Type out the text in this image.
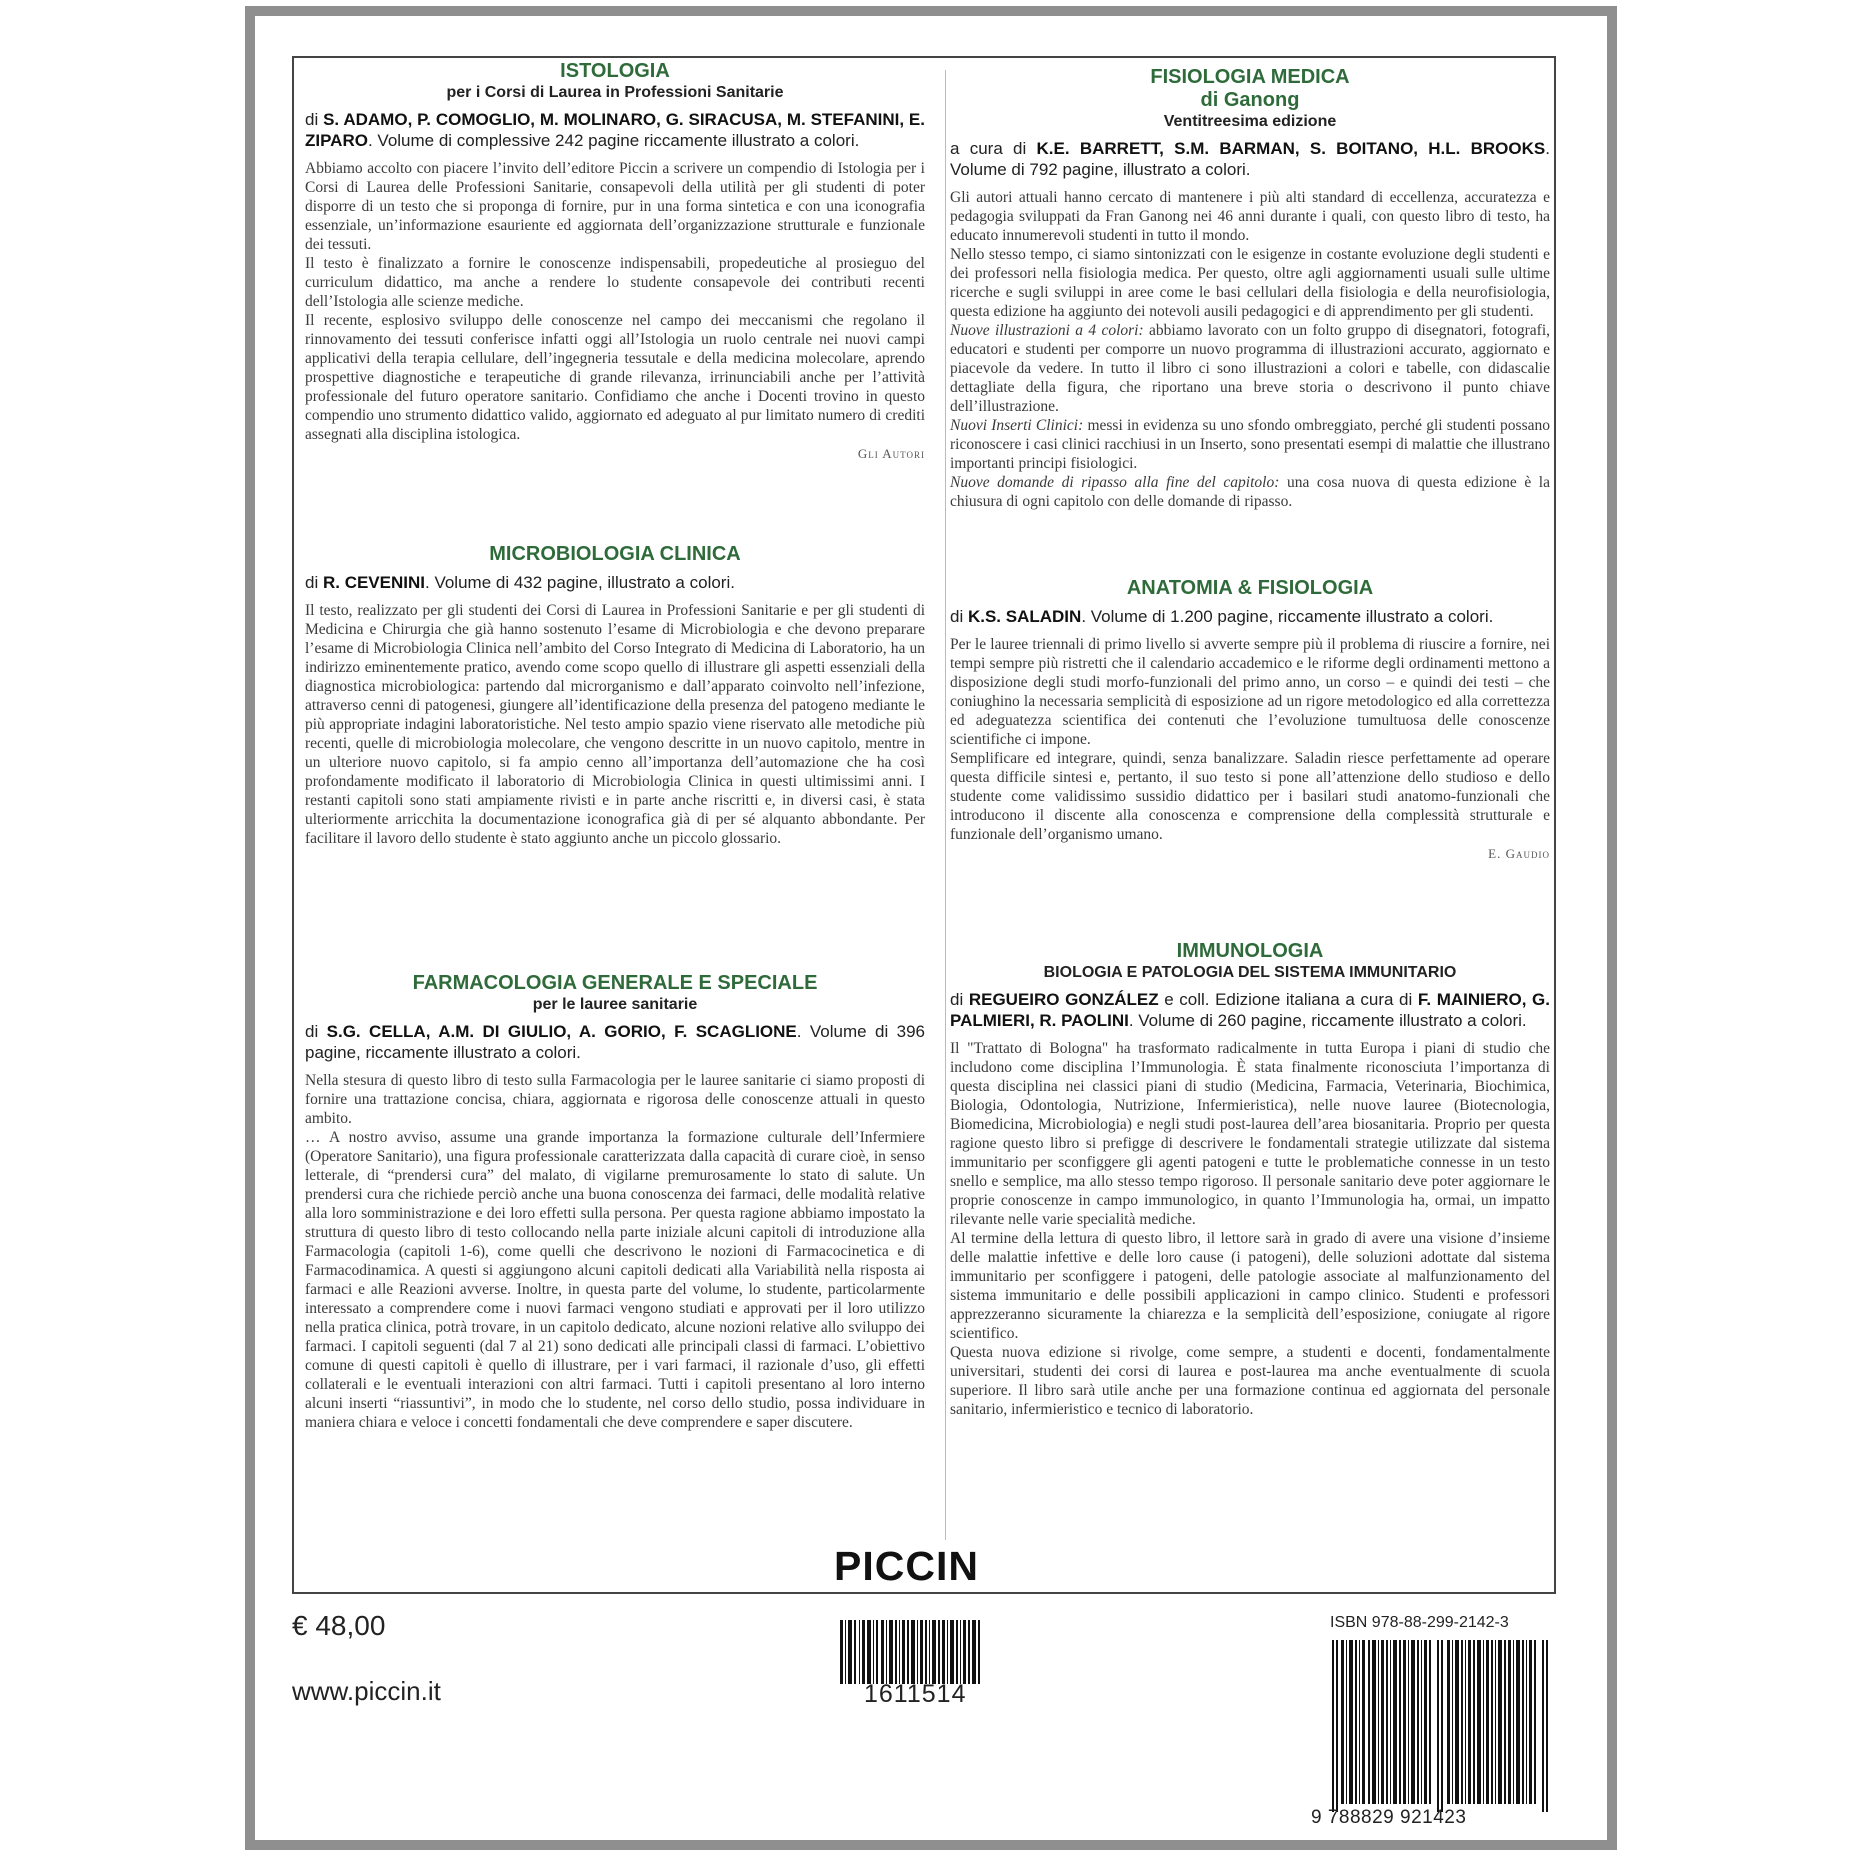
ISTOLOGIA
per i Corsi di Laurea in Professioni Sanitarie
di S. ADAMO, P. COMOGLIO, M. MOLINARO, G. SIRACUSA, M. STEFANINI, E. ZIPARO. Volume di complessive 242 pagine riccamente illustrato a colori.

Abbiamo accolto con piacere l’invito dell’editore Piccin a scrivere un compendio di Istologia per i Corsi di Laurea delle Professioni Sanitarie, consapevoli della utilità per gli studenti di poter disporre di un testo che si proponga di fornire, pur in una forma sintetica e con una iconografia essenziale, un’informazione esauriente ed aggiornata dell’organizzazione strutturale e funzionale dei tessuti.

Il testo è finalizzato a fornire le conoscenze indispensabili, propedeutiche al prosieguo del curriculum didattico, ma anche a rendere lo studente consapevole dei contributi recenti dell’Istologia alle scienze mediche.

Il recente, esplosivo sviluppo delle conoscenze nel campo dei meccanismi che regolano il rinnovamento dei tessuti conferisce infatti oggi all’Istologia un ruolo centrale nei nuovi campi applicativi della terapia cellulare, dell’ingegneria tessutale e della medicina molecolare, aprendo prospettive diagnostiche e terapeutiche di grande rilevanza, irrinunciabili anche per l’attività professionale del futuro operatore sanitario. Confidiamo che anche i Docenti trovino in questo compendio uno strumento didattico valido, aggiornato ed adeguato al pur limitato numero di crediti assegnati alla disciplina istologica.

Gli Autori
MICROBIOLOGIA CLINICA
di R. CEVENINI. Volume di 432 pagine, illustrato a colori.

Il testo, realizzato per gli studenti dei Corsi di Laurea in Professioni Sanitarie e per gli studenti di Medicina e Chirurgia che già hanno sostenuto l’esame di Microbiologia e che devono preparare l’esame di Microbiologia Clinica nell’ambito del Corso Integrato di Medicina di Laboratorio, ha un indirizzo eminentemente pratico, avendo come scopo quello di illustrare gli aspetti essenziali della diagnostica microbiologica: partendo dal microrganismo e dall’apparato coinvolto nell’infezione, attraverso cenni di patogenesi, giungere all’identificazione della presenza del patogeno mediante le più appropriate indagini laboratoristiche. Nel testo ampio spazio viene riservato alle metodiche più recenti, quelle di microbiologia molecolare, che vengono descritte in un nuovo capitolo, mentre in un ulteriore nuovo capitolo, si fa ampio cenno all’importanza dell’automazione che ha così profondamente modificato il laboratorio di Microbiologia Clinica in questi ultimissimi anni. I restanti capitoli sono stati ampiamente rivisti e in parte anche riscritti e, in diversi casi, è stata ulteriormente arricchita la documentazione iconografica già di per sé alquanto abbondante. Per facilitare il lavoro dello studente è stato aggiunto anche un piccolo glossario.

FARMACOLOGIA GENERALE E SPECIALE
per le lauree sanitarie
di S.G. CELLA, A.M. DI GIULIO, A. GORIO, F. SCAGLIONE. Volume di 396 pagine, riccamente illustrato a colori.

Nella stesura di questo libro di testo sulla Farmacologia per le lauree sanitarie ci siamo proposti di fornire una trattazione concisa, chiara, aggiornata e rigorosa delle conoscenze attuali in questo ambito.

… A nostro avviso, assume una grande importanza la formazione culturale dell’Infermiere (Operatore Sanitario), una figura professionale caratterizzata dalla capacità di curare cioè, in senso letterale, di “prendersi cura” del malato, di vigilarne premurosamente lo stato di salute. Un prendersi cura che richiede perciò anche una buona conoscenza dei farmaci, delle modalità relative alla loro somministrazione e dei loro effetti sulla persona. Per questa ragione abbiamo impostato la struttura di questo libro di testo collocando nella parte iniziale alcuni capitoli di introduzione alla Farmacologia (capitoli 1-6), come quelli che descrivono le nozioni di Farmacocinetica e di Farmacodinamica. A questi si aggiungono alcuni capitoli dedicati alla Variabilità nella risposta ai farmaci e alle Reazioni avverse. Inoltre, in questa parte del volume, lo studente, particolarmente interessato a comprendere come i nuovi farmaci vengono studiati e approvati per il loro utilizzo nella pratica clinica, potrà trovare, in un capitolo dedicato, alcune nozioni relative allo sviluppo dei farmaci. I capitoli seguenti (dal 7 al 21) sono dedicati alle principali classi di farmaci. L’obiettivo comune di questi capitoli è quello di illustrare, per i vari farmaci, il razionale d’uso, gli effetti collaterali e le eventuali interazioni con altri farmaci. Tutti i capitoli presentano al loro interno alcuni inserti “riassuntivi”, in modo che lo studente, nel corso dello studio, possa individuare in maniera chiara e veloce i concetti fondamentali che deve comprendere e saper discutere.

FISIOLOGIA MEDICA
di Ganong
Ventitreesima edizione
a cura di K.E. BARRETT, S.M. BARMAN, S. BOITANO, H.L. BROOKS. Volume di 792 pagine, illustrato a colori.

Gli autori attuali hanno cercato di mantenere i più alti standard di eccellenza, accuratezza e pedagogia sviluppati da Fran Ganong nei 46 anni durante i quali, con questo libro di testo, ha educato innumerevoli studenti in tutto il mondo.

Nello stesso tempo, ci siamo sintonizzati con le esigenze in costante evoluzione degli studenti e dei professori nella fisiologia medica. Per questo, oltre agli aggiornamenti usuali sulle ultime ricerche e sugli sviluppi in aree come le basi cellulari della fisiologia e della neurofisiologia, questa edizione ha aggiunto dei notevoli ausili pedagogici e di apprendimento per gli studenti.

Nuove illustrazioni a 4 colori: abbiamo lavorato con un folto gruppo di disegnatori, fotografi, educatori e studenti per comporre un nuovo programma di illustrazioni accurato, aggiornato e piacevole da vedere. In tutto il libro ci sono illustrazioni a colori e tabelle, con didascalie dettagliate della figura, che riportano una breve storia o descrivono il punto chiave dell’illustrazione.

Nuovi Inserti Clinici: messi in evidenza su uno sfondo ombreggiato, perché gli studenti possano riconoscere i casi clinici racchiusi in un Inserto, sono presentati esempi di malattie che illustrano importanti principi fisiologici.

Nuove domande di ripasso alla fine del capitolo: una cosa nuova di questa edizione è la chiusura di ogni capitolo con delle domande di ripasso.

ANATOMIA & FISIOLOGIA
di K.S. SALADIN. Volume di 1.200 pagine, riccamente illustrato a colori.

Per le lauree triennali di primo livello si avverte sempre più il problema di riuscire a fornire, nei tempi sempre più ristretti che il calendario accademico e le riforme degli ordinamenti mettono a disposizione degli studi morfo-funzionali del primo anno, un corso – e quindi dei testi – che coniughino la necessaria semplicità di esposizione ad un rigore metodologico ed alla correttezza ed adeguatezza scientifica dei contenuti che l’evoluzione tumultuosa delle conoscenze scientifiche ci impone.

Semplificare ed integrare, quindi, senza banalizzare. Saladin riesce perfettamente ad operare questa difficile sintesi e, pertanto, il suo testo si pone all’attenzione dello studioso e dello studente come validissimo sussidio didattico per i basilari studi anatomo-funzionali che introducono il discente alla conoscenza e comprensione della complessità strutturale e funzionale dell’organismo umano.

E. Gaudio
IMMUNOLOGIA
BIOLOGIA E PATOLOGIA DEL SISTEMA IMMUNITARIO
di REGUEIRO GONZÁLEZ e coll. Edizione italiana a cura di F. MAINIERO, G. PALMIERI, R. PAOLINI. Volume di 260 pagine, riccamente illustrato a colori.

Il "Trattato di Bologna" ha trasformato radicalmente in tutta Europa i piani di studio che includono come disciplina l’Immunologia. È stata finalmente riconosciuta l’importanza di questa disciplina nei classici piani di studio (Medicina, Farmacia, Veterinaria, Biochimica, Biologia, Odontologia, Nutrizione, Infermieristica), nelle nuove lauree (Biotecnologia, Biomedicina, Microbiologia) e negli studi post-laurea dell’area biosanitaria. Proprio per questa ragione questo libro si prefigge di descrivere le fondamentali strategie utilizzate dal sistema immunitario per sconfiggere gli agenti patogeni e tutte le problematiche connesse in un testo snello e semplice, ma allo stesso tempo rigoroso. Il personale sanitario deve poter aggiornare le proprie conoscenze in campo immunologico, in quanto l’Immunologia ha, ormai, un impatto rilevante nelle varie specialità mediche.

Al termine della lettura di questo libro, il lettore sarà in grado di avere una visione d’insieme delle malattie infettive e delle loro cause (i patogeni), delle soluzioni adottate dal sistema immunitario per sconfiggere i patogeni, delle patologie associate al malfunzionamento del sistema immunitario e delle possibili applicazioni in campo clinico. Studenti e professori apprezzeranno sicuramente la chiarezza e la semplicità dell’esposizione, coniugate al rigore scientifico.

Questa nuova edizione si rivolge, come sempre, a studenti e docenti, fondamentalmente universitari, studenti dei corsi di laurea e post-laurea ma anche eventualmente di scuola superiore. Il libro sarà utile anche per una formazione continua ed aggiornata del personale sanitario, infermieristico e tecnico di laboratorio.

PICCIN
€ 48,00
www.piccin.it	1611514
ISBN 978-88-299-2142-3
9 788829 921423
